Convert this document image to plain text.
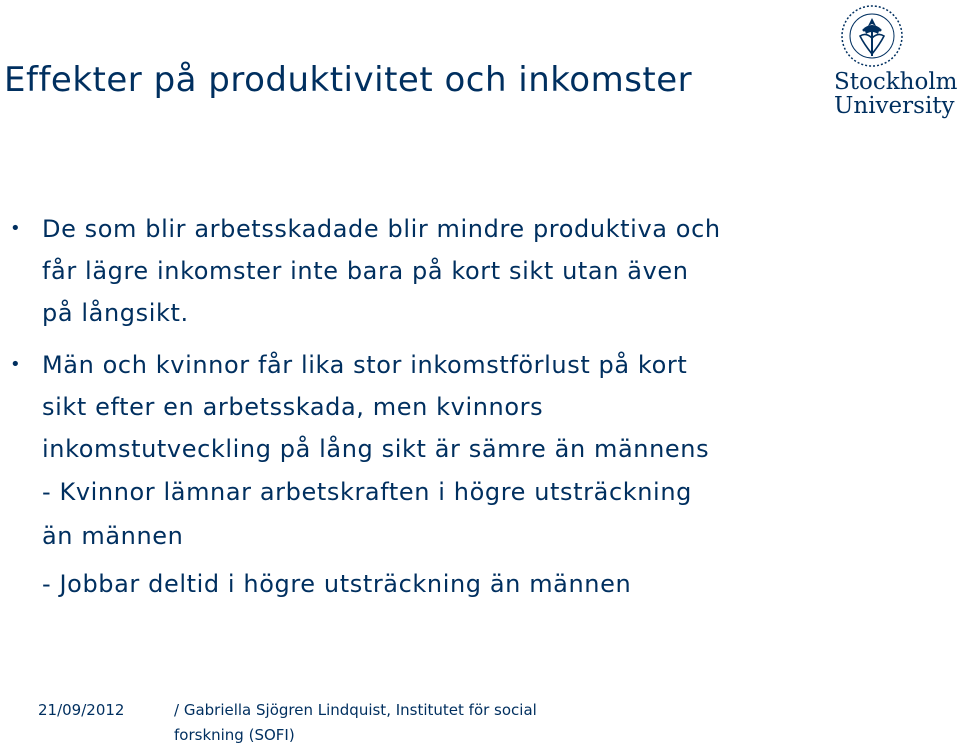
Effekter på produktivitet och inkomster	Stockholm
University
• De som blir arbetsskadade blir mindre produktiva och
får lägre inkomster inte bara på kort sikt utan även
på långsikt.
• Män och kvinnor får lika stor inkomstförlust på kort
sikt efter en arbetsskada, men kvinnors
inkomstutveckling på lång sikt är sämre än männens
- Kvinnor lämnar arbetskraften i högre utsträckning
än männen
- Jobbar deltid i högre utsträckning än männen
21/09/2012	/ Gabriella Sjögren Lindquist, Institutet för social
forskning (SOFI)
